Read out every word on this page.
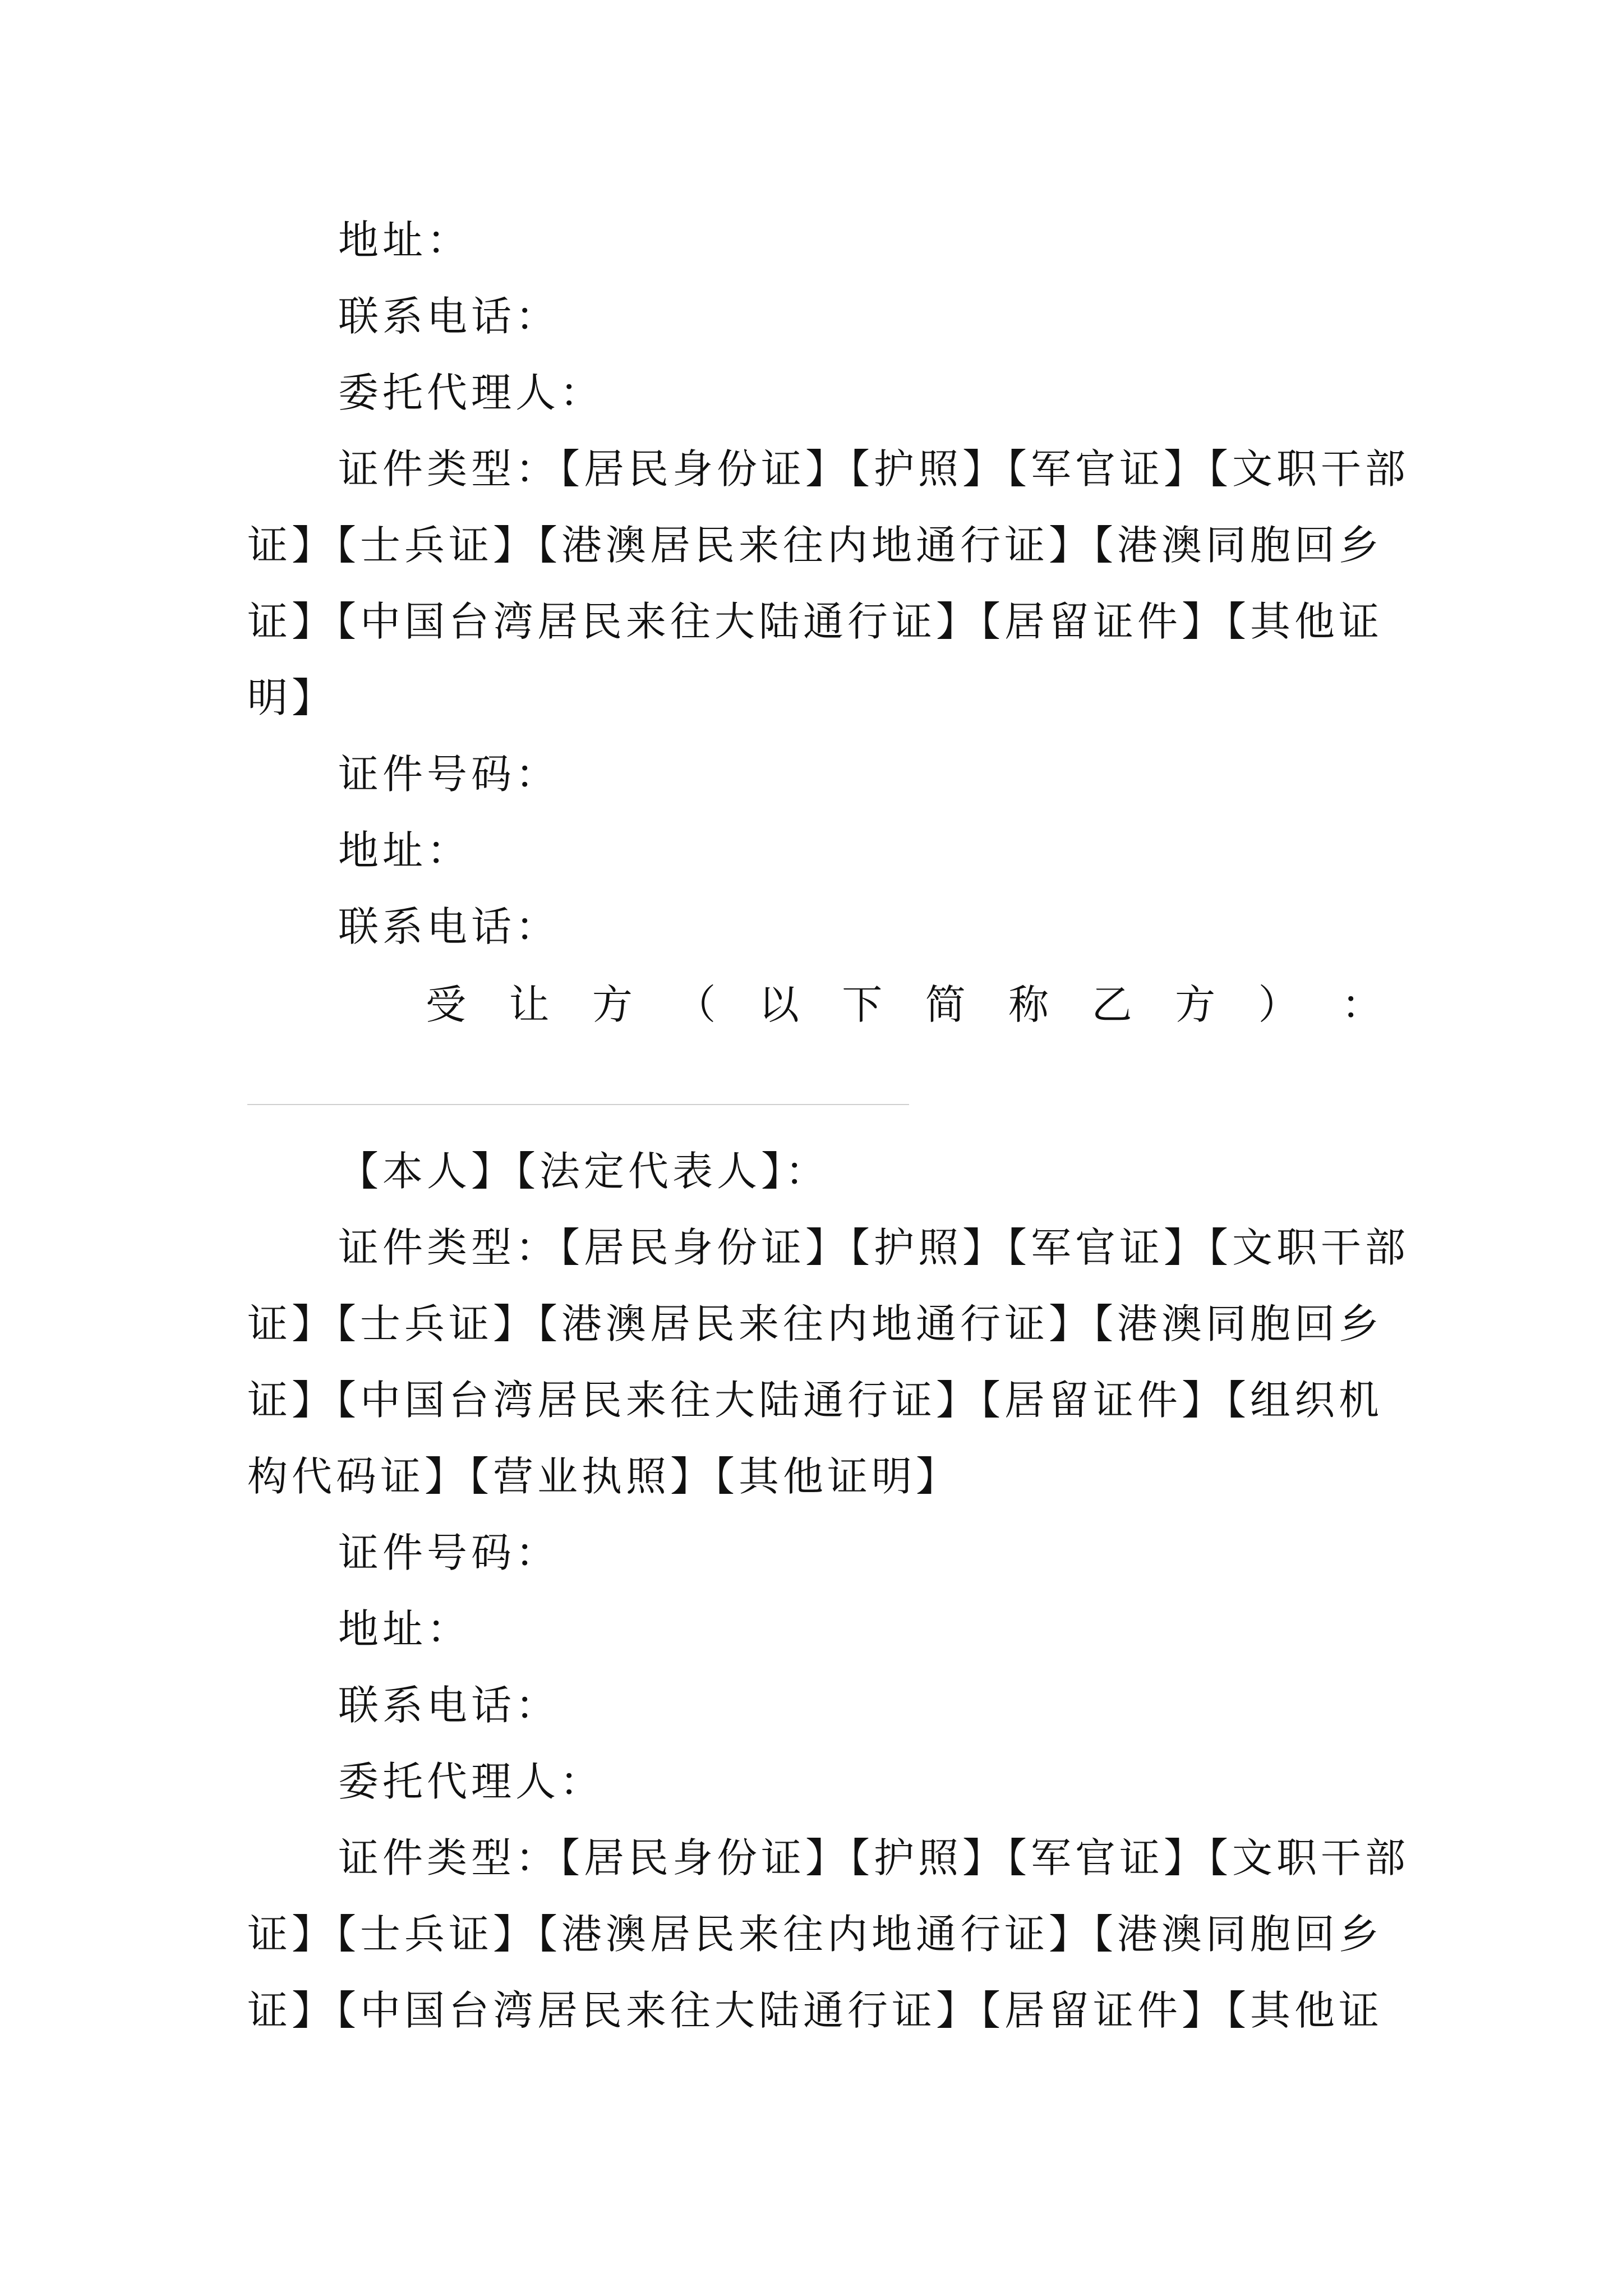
地址：
联系电话：
委托代理人：
证件类型：【居民身份证】【护照】【军官证】【文职干部
证】【士兵证】【港澳居民来往内地通行证】【港澳同胞回乡
证】【中国台湾居民来往大陆通行证】【居留证件】【其他证
明】
证件号码：
地址：
联系电话：
受 让 方 （ 以 下 简 称 乙 方 ） ：
【本人】【法定代表人】：
证件类型：【居民身份证】【护照】【军官证】【文职干部
证】【士兵证】【港澳居民来往内地通行证】【港澳同胞回乡
证】【中国台湾居民来往大陆通行证】【居留证件】【组织机
构代码证】【营业执照】【其他证明】
证件号码：
地址：
联系电话：
委托代理人：
证件类型：【居民身份证】【护照】【军官证】【文职干部
证】【士兵证】【港澳居民来往内地通行证】【港澳同胞回乡
证】【中国台湾居民来往大陆通行证】【居留证件】【其他证
